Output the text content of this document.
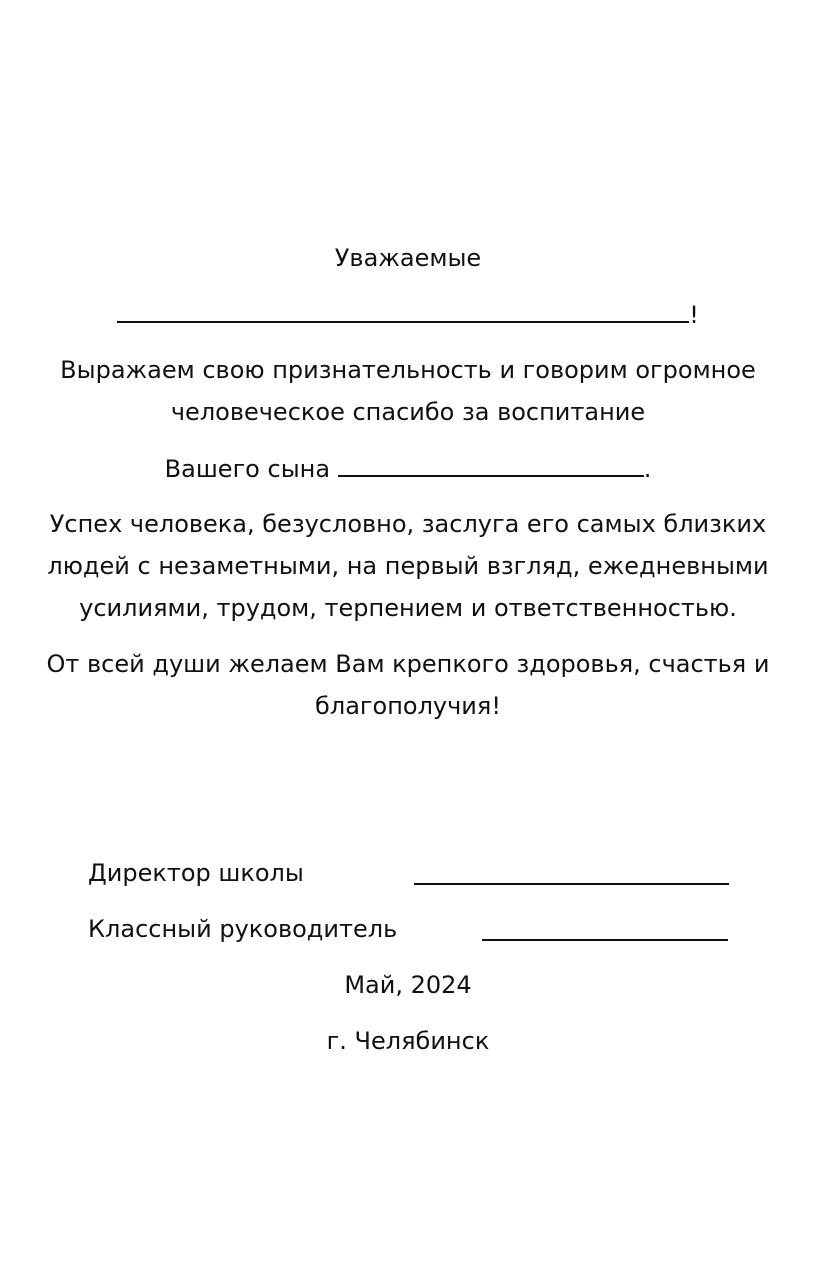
Уважаемые
!
Выражаем свою признательность и говорим огромное
человеческое спасибо за воспитание
Вашего сына	.
Успех человека, безусловно, заслуга его самых близких
людей с незаметными, на первый взгляд, ежедневными
усилиями, трудом, терпением и ответственностью.
От всей души желаем Вам крепкого здоровья, счастья и
благополучия!
Директор школы
Классный руководитель
Май, 2024
г. Челябинск
